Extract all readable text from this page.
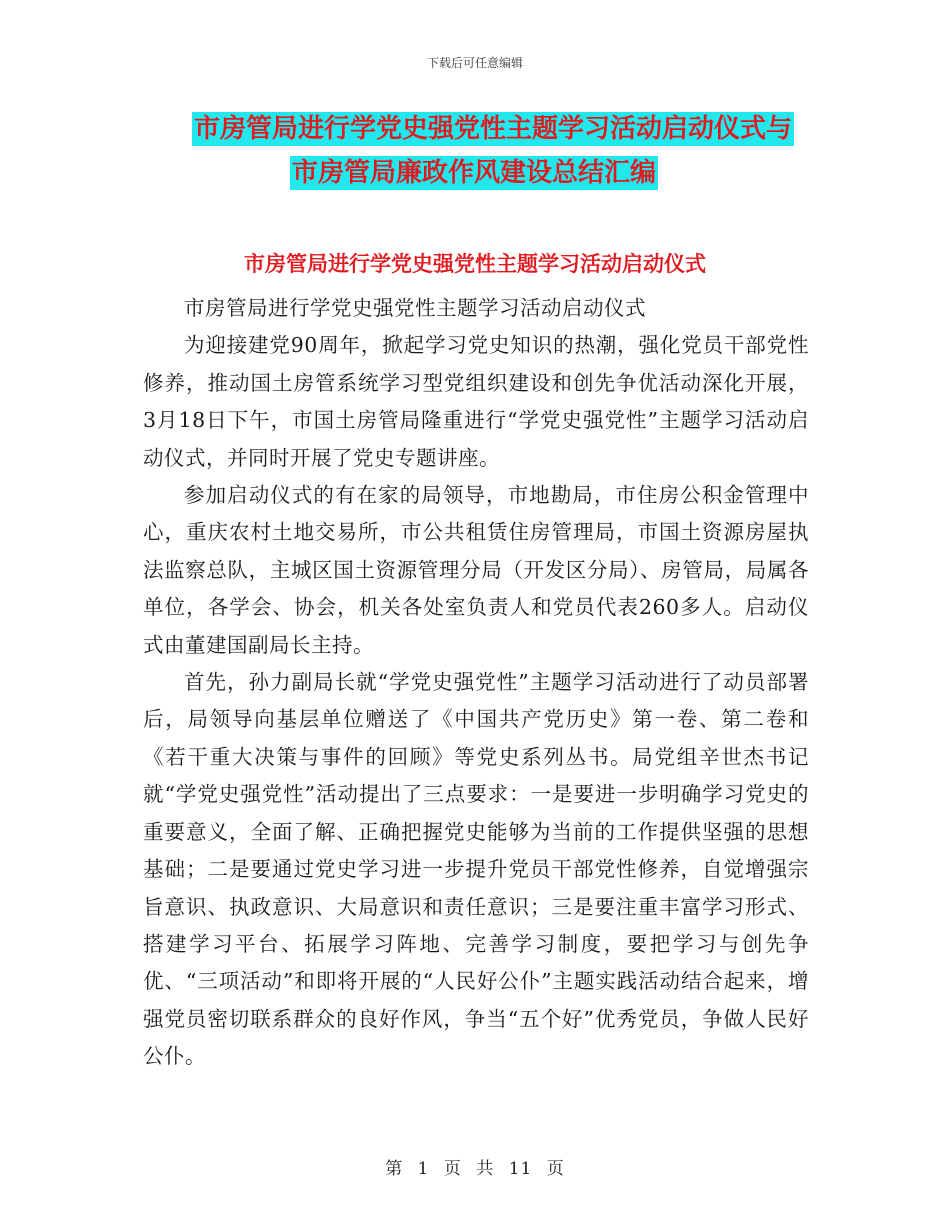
下载后可任意编辑
市房管局进行学党史强党性主题学习活动启动仪式与
市房管局廉政作风建设总结汇编
市房管局进行学党史强党性主题学习活动启动仪式

市房管局进行学党史强党性主题学习活动启动仪式

为迎接建党90周年，掀起学习党史知识的热潮，强化党员干部党性修养，推动国土房管系统学习型党组织建设和创先争优活动深化开展， 3月18日下午，市国土房管局隆重进行“学党史强党性”主题学习活动启动仪式，并同时开展了党史专题讲座。

参加启动仪式的有在家的局领导，市地勘局，市住房公积金管理中心，重庆农村土地交易所，市公共租赁住房管理局，市国土资源房屋执法监察总队，主城区国土资源管理分局（开发区分局）、房管局，局属各单位，各学会、协会，机关各处室负责人和党员代表260多人。启动仪式由董建国副局长主持。

首先，孙力副局长就“学党史强党性”主题学习活动进行了动员部署后，局领导向基层单位赠送了《中国共产党历史》第一卷、第二卷和《若干重大决策与事件的回顾》等党史系列丛书。局党组辛世杰书记就“学党史强党性”活动提出了三点要求：一是要进一步明确学习党史的重要意义，全面了解、正确把握党史能够为当前的工作提供坚强的思想基础；二是要通过党史学习进一步提升党员干部党性修养，自觉增强宗旨意识、执政意识、大局意识和责任意识；三是要注重丰富学习形式、搭建学习平台、拓展学习阵地、完善学习制度，要把学习与创先争优、“三项活动”和即将开展的“人民好公仆”主题实践活动结合起来，增强党员密切联系群众的良好作风，争当“五个好”优秀党员，争做人民好公仆。

第 1 页 共 11 页
